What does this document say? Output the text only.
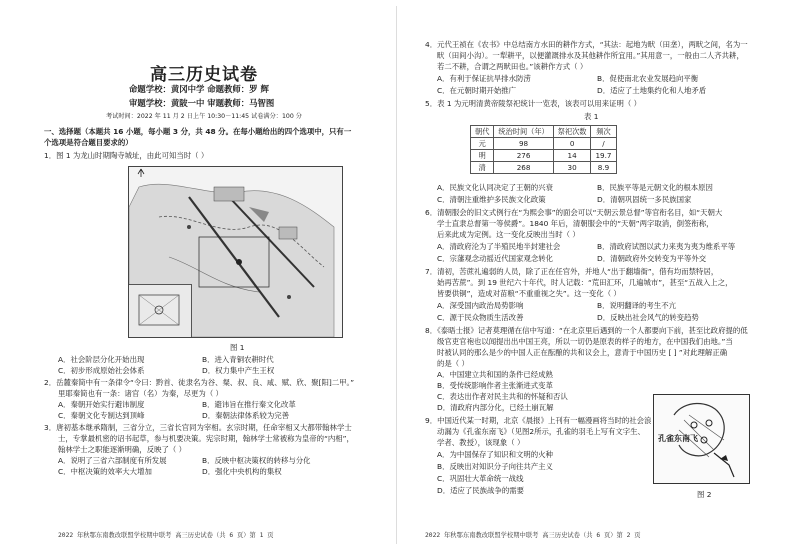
高三历史试卷
命题学校：黄冈中学 命题教师：罗 辉
审题学校：黄陂一中 审题教师：马智图
考试时间：2022 年 11 月 2 日上午 10:30－11:45 试卷满分：100 分
一、选择题（本题共 16 小题，每小题 3 分，共 48 分。在每小题给出的四个选项中，只有一
个选项是符合题目要求的）
1．图 1 为龙山时期陶寺城址，由此可知当时（ ）
图 1
A．社会阶层分化开始出现	B．进入青铜农耕时代
C．初步形成原始社会体系	D．权力集中产生王权
2．岳麓秦简中有一条律令“令曰：黔首、徒隶名为谷、粲、叔、良、咸、赋、欣、聚[阳]二甲。”
里耶秦简也有一条：诸官（名）为秦，尽更为（ ）
A．秦朝开始实行避讳制度	B．避讳旨在推行秦文化改革
C．秦朝文化专制达到顶峰	D．秦朝法律体系较为完善
3．唐初基本继承隋制，三省分立，三省长官同为宰相。玄宗时期，任命宰相又大都带翰林学士
士，专掌最机密的诏书起草，参与机要决策。宪宗时期，翰林学士常被称为皇帝的“内相”，
翰林学士之职能逐渐明确，反映了（ ）
A．说明了三省六部制度有所发展	B．反映中枢决策权的转移与分化
C．中枢决策的效率大大增加	D．强化中央机构的集权
2022 年秋鄂东南教改联盟学校期中联考 高三历史试卷（共 6 页）第 1 页
4．元代王祯在《农书》中总结南方水田的耕作方式，“其法：起地为畎（田垄），两畎之间，名为一
畎（田间小沟）。一犁耕平，以便灌溉排水及其他耕作所宜用。”其用意一，一般由二人齐共耕，
若二不耕，合谓之两畎田也。”该耕作方式（ ）
A．有利于保证抗旱排水防涝	B．促使南北农业发展趋向平衡
C．在元朝时期开始推广	D．适应了土地集约化和人地矛盾
5．表 1 为元明清黄帝陵祭祀统计一览表，该表可以用来证明（ ）
表 1
A．民族文化认同决定了王朝的兴衰	B．民族平等是元朝文化的根本原因
C．清朝注重维护多民族文化政策	D．清朝巩固统一多民族国家
6．清朝服会的旧文式例行在“为熙会事”的面会可以“天朝云景总督”等官衔名目，如“天朝大
学士直隶总督第一等侯爵”。1840 年后，清朝服会中的“天朝”两字取消，倒签衔称，
后来此成为定例。这一变化反映出当时（ ）
A．清政府沦为了半殖民地半封建社会	B．清政府试图以武力来夷为夷为维系平等
C．宗藩观念动摇近代国家观念转化	D．清朝政府外交转变为平等外交
7．清初，苦蔗礼遍弱的人员，除了正在任官外，并地人“出于翻墙衙”，借有均而禁特居，
始再苦蔗”。到 19 世纪六十年代，时人记载：“荒田汇环，几遍城市”，甚至“五战入上之，
皆要供铜”，造成对苗粮“不重重视之失”。这一变化（ ）
A．深受国内政治局势影响	B．说明翻译的考生不亢
C．源于民众物质生活改善	D．反映出社会风气的转变趋势
8．《泰晤士报》记者莫理循在信中写道：“在北京里后遇到的一个人都要向下前，甚至比政府提的低
级官吏官袍也以闻提出出中国王亮，所以一切仍是原表的样子的地方，在中国我们由地。”当
时被认同的那么是少的中国人正在酝酿的共和议会上，意青于中国历史 [ ] ”对此理解正确
的是（ ）
A．中国建立共和国的条件已经成熟
B．受传统影响作者主张渐进式变革
C．表达出作者对民主共和的怀疑和否认
D．清政府内部分化，已经土崩瓦解
9．中国近代某一时期，北京《晨报》上刊有一幅漫画将当时的社会浪
动漏为《孔雀东南飞》（见图2所示，孔雀的羽毛上写有文字生、
学者、教授），该现象（ ）
A．为中国保存了知识和文明的火种
B．反映出对知识分子向往共产主义
C．巩固壮大革命统一战线
D．适应了民族战争的需要	图 2
2022 年秋鄂东南教改联盟学校期中联考 高三历史试卷（共 6 页）第 2 页
朝代	统治时间（年）	祭祀次数	频次
元	98	0	/
明	276	14	19.7
清	268	30	8.9
孔雀东南飞
